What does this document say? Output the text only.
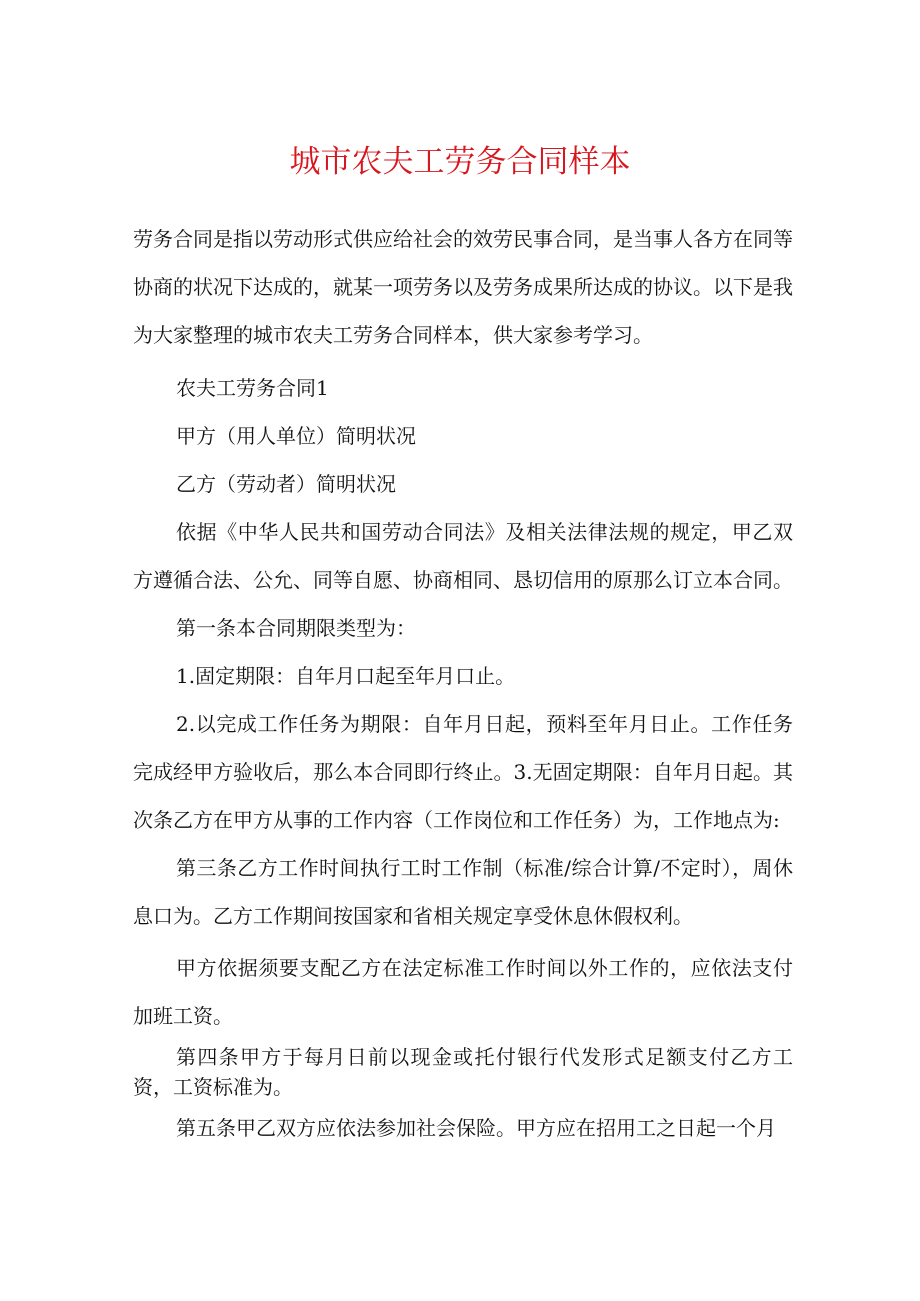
城市农夫工劳务合同样本

劳务合同是指以劳动形式供应给社会的效劳民事合同，是当事人各方在同等协商的状况下达成的，就某一项劳务以及劳务成果所达成的协议。以下是我为大家整理的城市农夫工劳务合同样本，供大家参考学习。

农夫工劳务合同1

甲方（用人单位）简明状况

乙方（劳动者）简明状况

依据《中华人民共和国劳动合同法》及相关法律法规的规定，甲乙双方遵循合法、公允、同等自愿、协商相同、恳切信用的原那么订立本合同。

第一条本合同期限类型为：

1.固定期限：自年月口起至年月口止。

2.以完成工作任务为期限：自年月日起，预料至年月日止。工作任务完成经甲方验收后，那么本合同即行终止。3.无固定期限：自年月日起。其次条乙方在甲方从事的工作内容（工作岗位和工作任务）为，工作地点为:

第三条乙方工作时间执行工时工作制（标准/综合计算/不定时），周休息口为。乙方工作期间按国家和省相关规定享受休息休假权利。

甲方依据须要支配乙方在法定标准工作时间以外工作的，应依法支付加班工资。

第四条甲方于每月日前以现金或托付银行代发形式足额支付乙方工资，工资标准为。

第五条甲乙双方应依法参加社会保险。甲方应在招用工之日起一个月
